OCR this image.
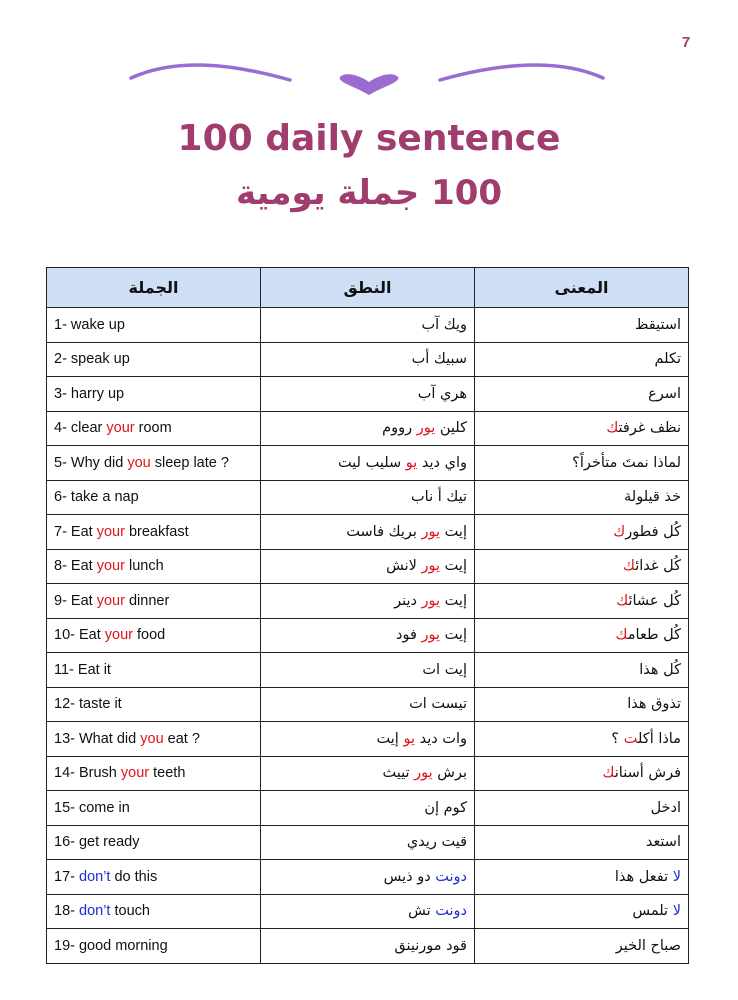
7
100 daily sentence
100 جملة يومية
الجملة	النطق	المعنى
1- wake up	ويك آب	استيقظ
2- speak up	سبيك أب	تكلم
3- harry up	هري آب	اسرع
4- clear your room	كلين يور رووم	نظف غرفتك
5- Why did you sleep late ?	واي ديد يو سليب ليت	لماذا نمت متأخراً؟
6- take a nap	تيك أ ناب	خذ قيلولة
7- Eat your breakfast	إيت يور بريك فاست	كُل فطورك
8- Eat your lunch	إيت يور لانش	كُل غدائك
9- Eat your dinner	إيت يور دينر	كُل عشائك
10- Eat your food	إيت يور فود	كُل طعامك
11- Eat it	إيت ات	كُل هذا
12- taste it	تيست ات	تذوق هذا
13- What did you eat ?	وات ديد يو إيت	ماذا أكلت ؟
14- Brush your teeth	برش يور تييث	فرش أسنانك
15- come in	كوم إن	ادخل
16- get ready	قيت ريدي	استعد
17- don’t do this	دونت دو ذيس	لا تفعل هذا
18- don’t touch	دونت تش	لا تلمس
19- good morning	قود مورنينق	صباح الخير
